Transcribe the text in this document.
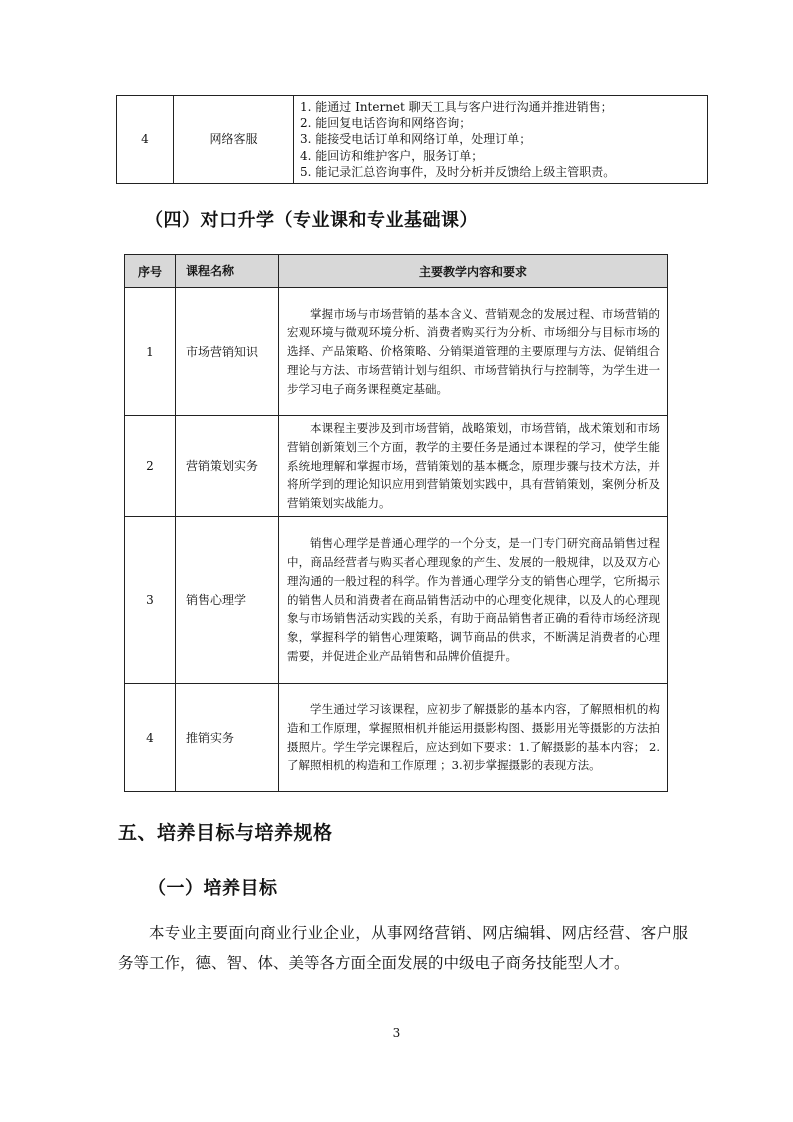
4	网络客服	
1. 能通过 Internet 聊天工具与客户进行沟通并推进销售；
2. 能回复电话咨询和网络咨询；
3. 能接受电话订单和网络订单，处理订单；
4. 能回访和维护客户，服务订单；
5. 能记录汇总咨询事件，及时分析并反馈给上级主管职责。
（四）对口升学（专业课和专业基础课）
序号	课程名称	主要教学内容和要求
1	市场营销知识	掌握市场与市场营销的基本含义、营销观念的发展过程、市场营销的宏观环境与微观环境分析、消费者购买行为分析、市场细分与目标市场的选择、产品策略、价格策略、分销渠道管理的主要原理与方法、促销组合理论与方法、市场营销计划与组织、市场营销执行与控制等，为学生进一步学习电子商务课程奠定基础。

2	营销策划实务	本课程主要涉及到市场营销，战略策划，市场营销，战术策划和市场营销创新策划三个方面，教学的主要任务是通过本课程的学习，使学生能系统地理解和掌握市场，营销策划的基本概念，原理步骤与技术方法，并将所学到的理论知识应用到营销策划实践中，具有营销策划，案例分析及营销策划实战能力。

3	销售心理学	销售心理学是普通心理学的一个分支，是一门专门研究商品销售过程中，商品经营者与购买者心理现象的产生、发展的一般规律，以及双方心理沟通的一般过程的科学。作为普通心理学分支的销售心理学，它所揭示的销售人员和消费者在商品销售活动中的心理变化规律，以及人的心理现象与市场销售活动实践的关系，有助于商品销售者正确的看待市场经济现象，掌握科学的销售心理策略，调节商品的供求，不断满足消费者的心理需要，并促进企业产品销售和品牌价值提升。

4	推销实务	学生通过学习该课程，应初步了解摄影的基本内容，了解照相机的构造和工作原理，掌握照相机并能运用摄影构图、摄影用光等摄影的方法拍摄照片。学生学完课程后，应达到如下要求：1.了解摄影的基本内容； 2.了解照相机的构造和工作原理 ；3.初步掌握摄影的表现方法。

五、培养目标与培养规格
（一）培养目标
本专业主要面向商业行业企业，从事网络营销、网店编辑、网店经营、客户服务等工作，德、智、体、美等各方面全面发展的中级电子商务技能型人才。
3
